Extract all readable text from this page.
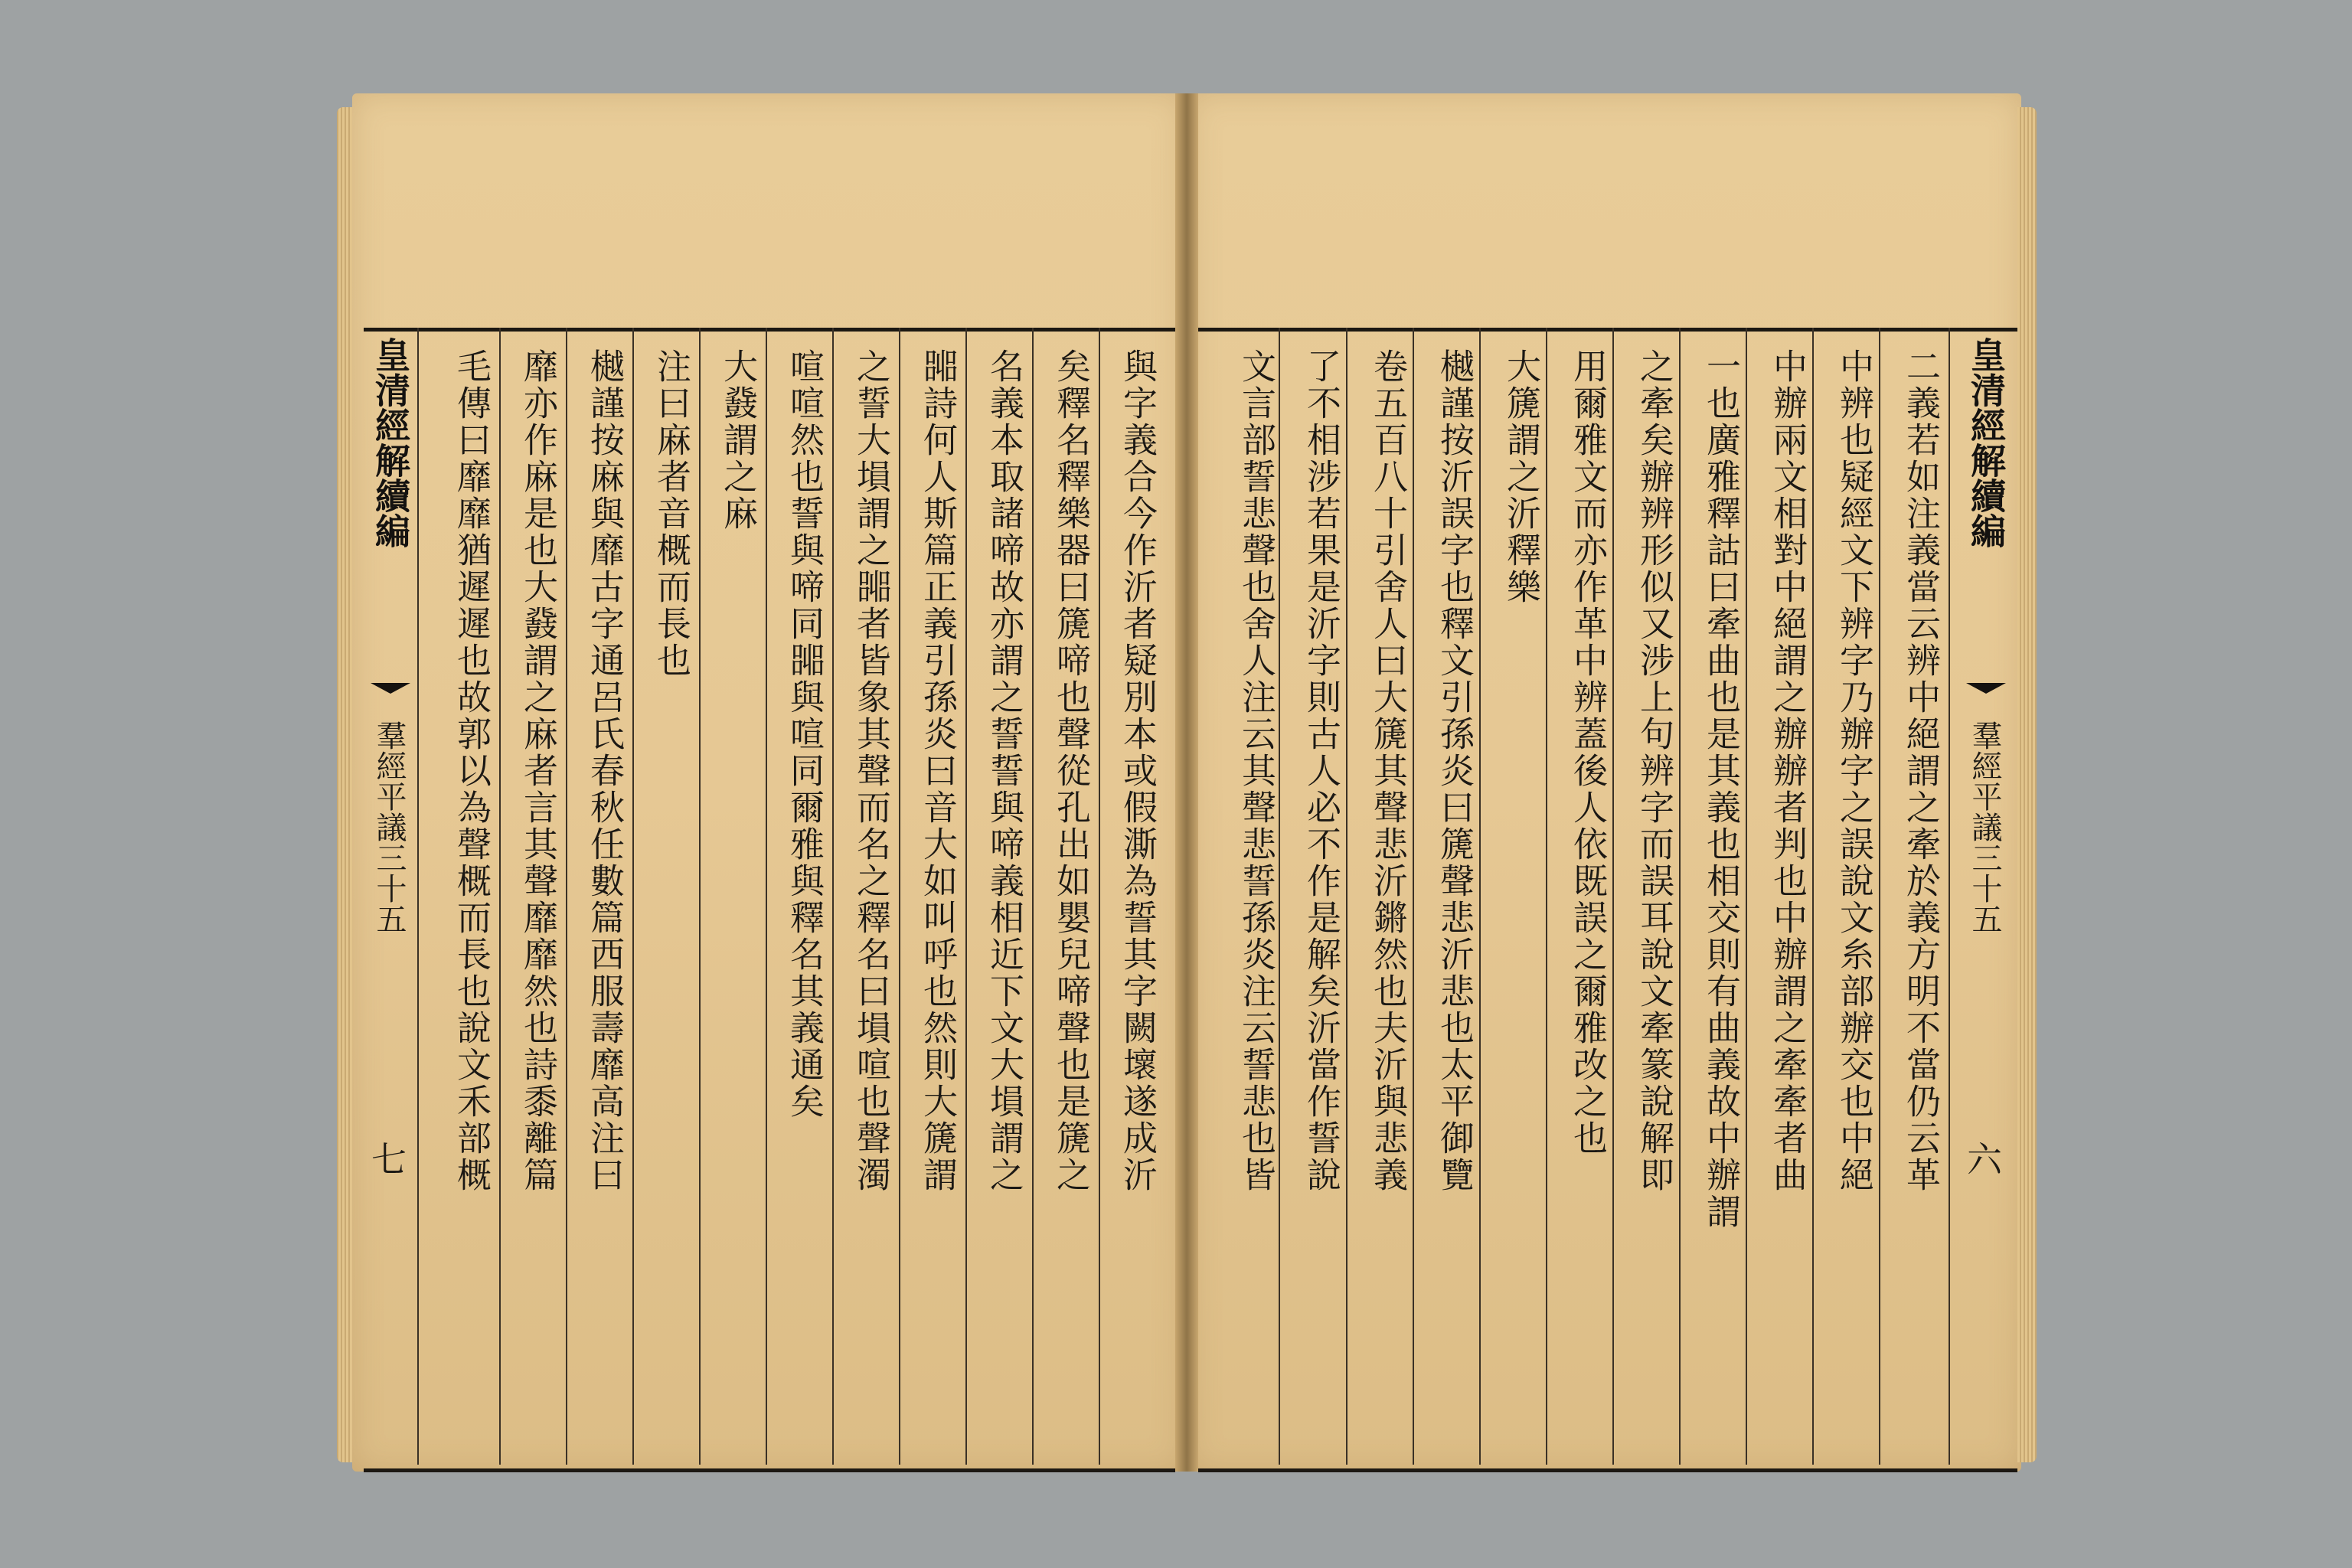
皇清經解續編
羣經平議三十五
七	與字義合今作沂者疑別本或假澌為誓其字闕壞遂成沂
矣釋名釋樂器曰篪啼也聲從孔出如嬰兒啼聲也是篪之
名義本取諸啼故亦謂之誓誓與啼義相近下文大塤謂之
嘂詩何人斯篇正義引孫炎曰音大如叫呼也然則大篪謂
之誓大塤謂之嘂者皆象其聲而名之釋名曰塤喧也聲濁
喧喧然也誓與啼同嘂與喧同爾雅與釋名其義通矣
大鼗謂之麻
注曰麻者音概而長也
樾謹按麻與靡古字通呂氏春秋任數篇西服壽靡高注曰
靡亦作麻是也大鼗謂之麻者言其聲靡靡然也詩黍離篇
毛傳曰靡靡猶遲遲也故郭以為聲概而長也說文禾部概	文言部誓悲聲也舍人注云其聲悲誓孫炎注云誓悲也皆 了不相涉若果是沂字則古人必不作是解矣沂當作誓說 卷五百八十引舍人曰大篪其聲悲沂鏘然也夫沂與悲義 樾謹按沂誤字也釋文引孫炎曰篪聲悲沂悲也太平御覽 大篪謂之沂釋樂 用爾雅文而亦作革中辨蓋後人依既誤之爾雅改之也 之牽矣辦辨形似又涉上句辨字而誤耳說文牽篆說解即 一也廣雅釋詁曰牽曲也是其義也相交則有曲義故中辦謂 中辦兩文相對中絕謂之辦辦者判也中辦謂之牽牽者曲 中辨也疑經文下辨字乃辦字之誤說文糸部辦交也中絕 二義若如注義當云辨中絕謂之牽於義方明不當仍云革 皇清經解續編
羣經平議三十五
六
